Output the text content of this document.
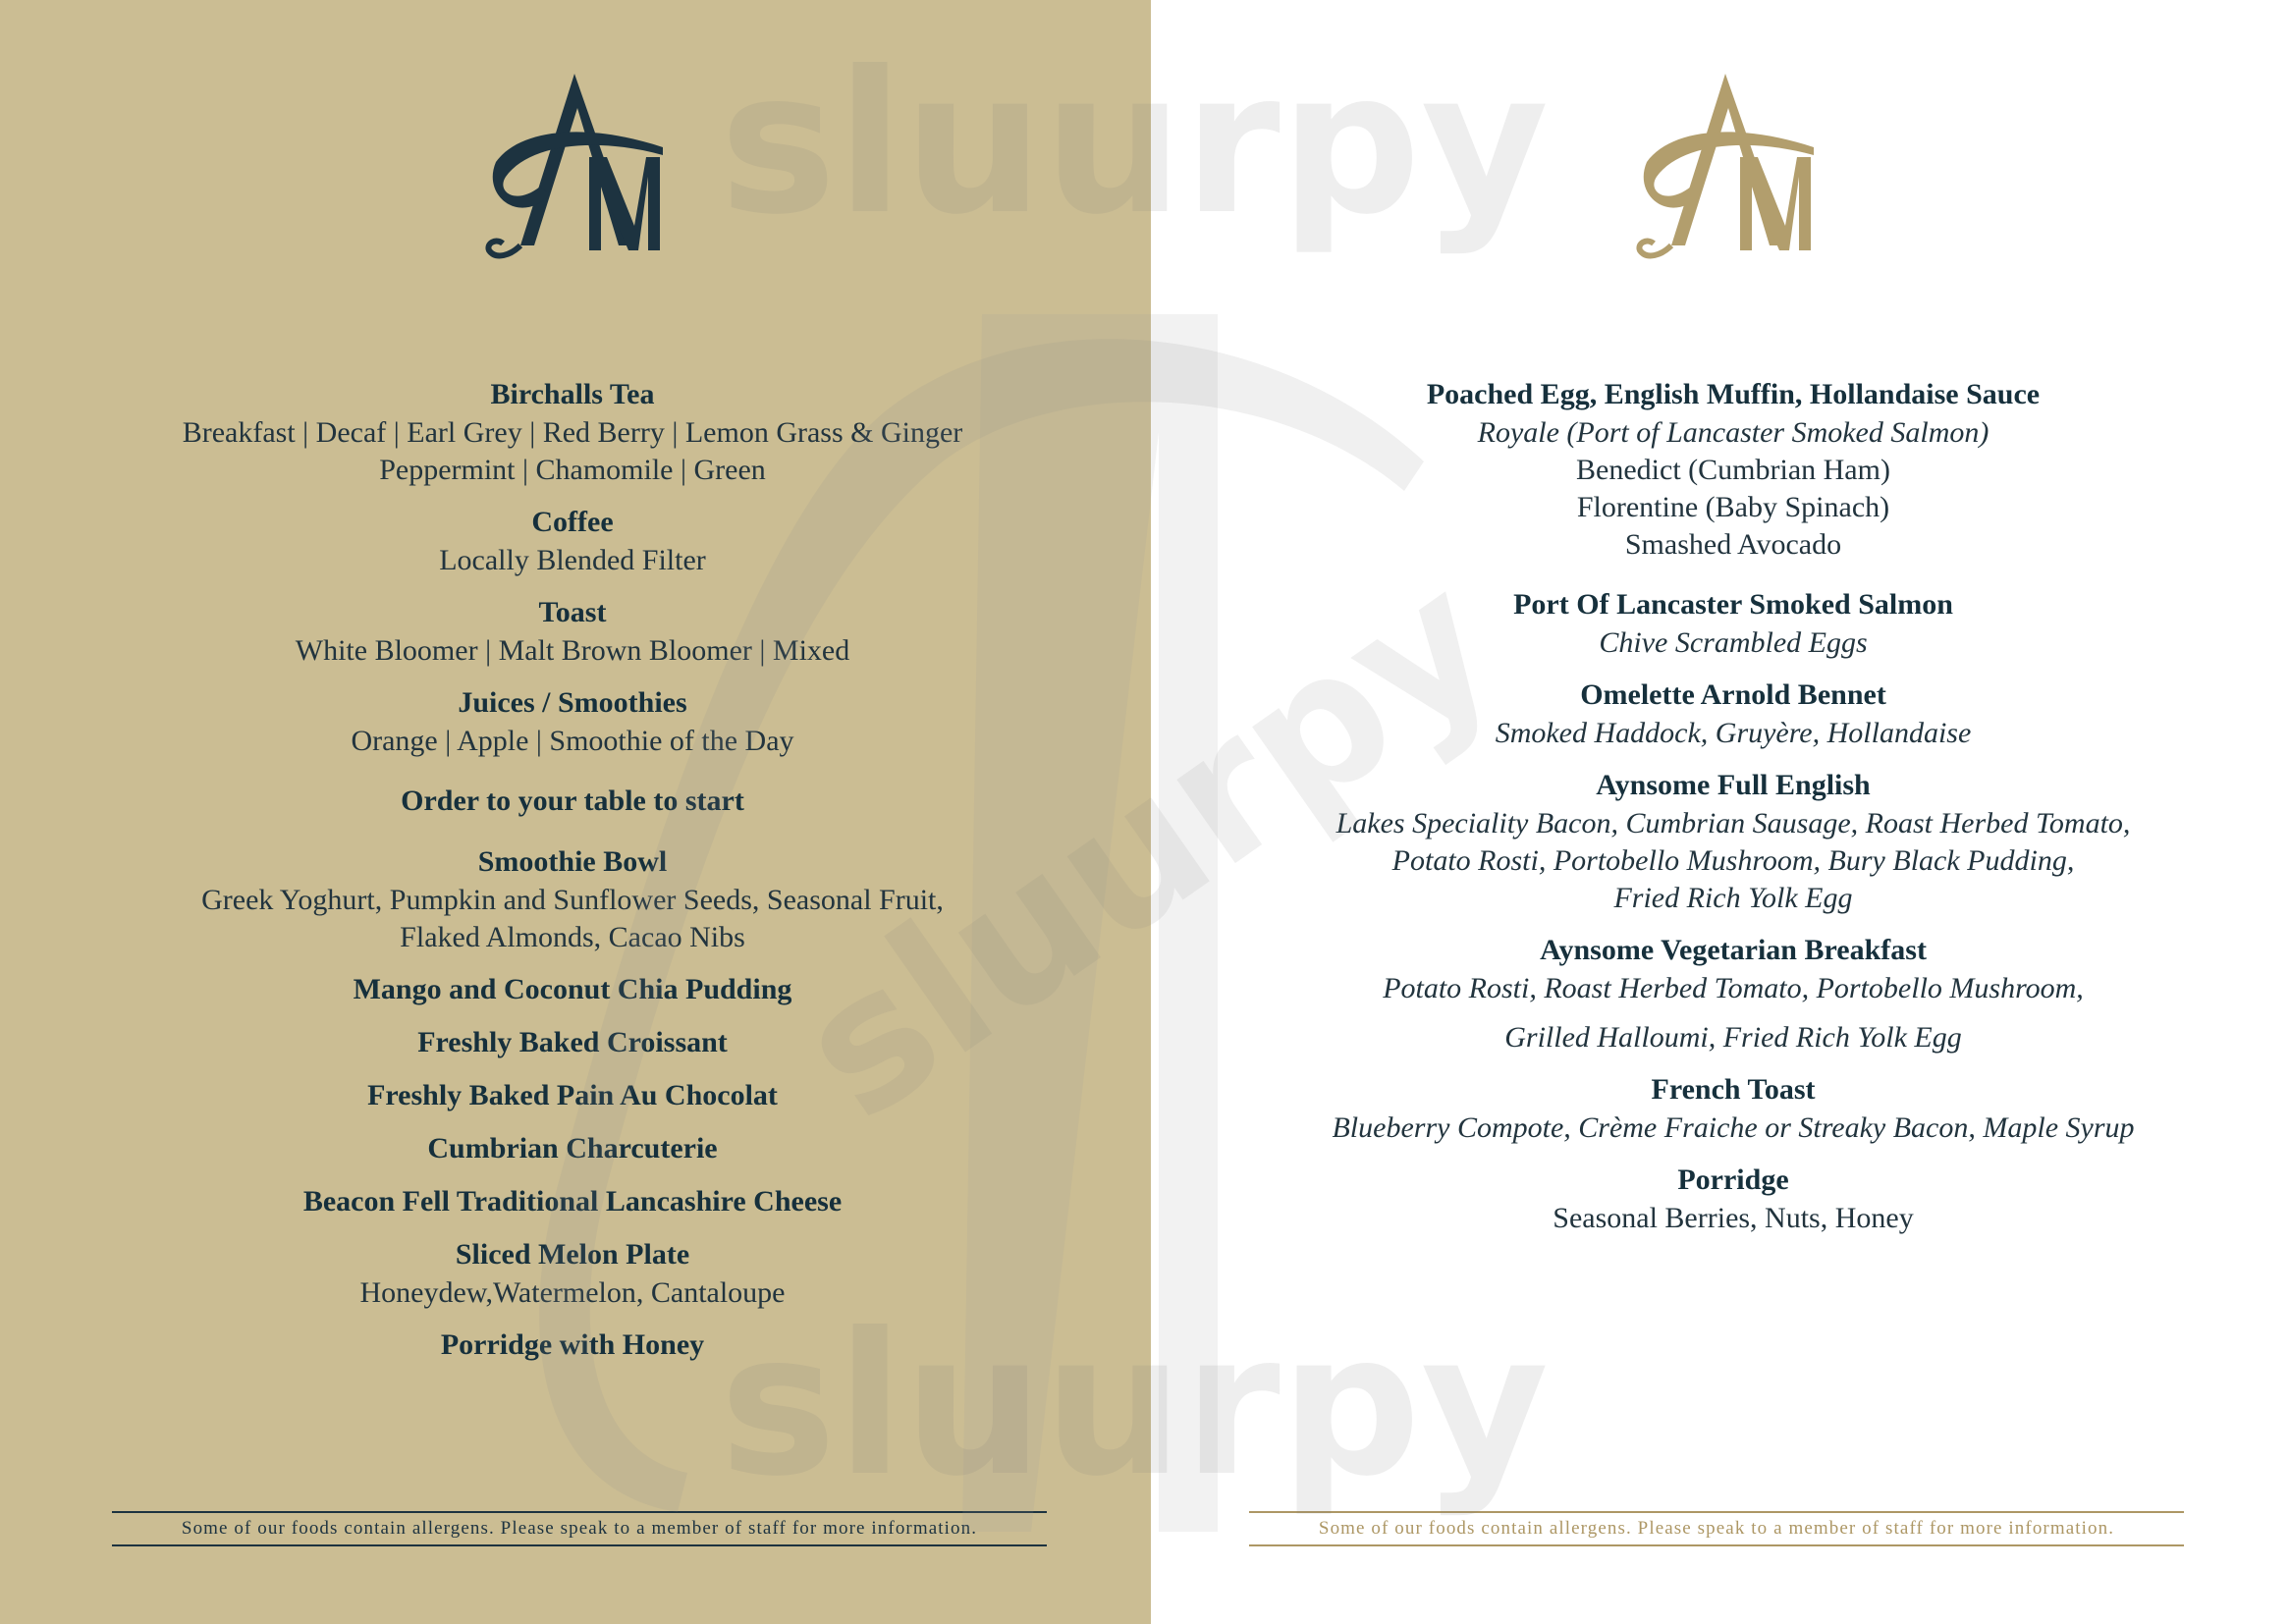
Birchalls Tea
Breakfast | Decaf | Earl Grey | Red Berry | Lemon Grass & Ginger
Peppermint | Chamomile | Green
Coffee
Locally Blended Filter
Toast
White Bloomer | Malt Brown Bloomer | Mixed
Juices / Smoothies
Orange | Apple | Smoothie of the Day
Order to your table to start
Smoothie Bowl
Greek Yoghurt, Pumpkin and Sunflower Seeds, Seasonal Fruit,
Flaked Almonds, Cacao Nibs
Mango and Coconut Chia Pudding
Freshly Baked Croissant
Freshly Baked Pain Au Chocolat
Cumbrian Charcuterie
Beacon Fell Traditional Lancashire Cheese
Sliced Melon Plate
Honeydew,Watermelon, Cantaloupe
Porridge with Honey
Some of our foods contain allergens. Please speak to a member of staff for more information.
Poached Egg, English Muffin, Hollandaise Sauce
Royale (Port of Lancaster Smoked Salmon)
Benedict (Cumbrian Ham)
Florentine (Baby Spinach)
Smashed Avocado
Port Of Lancaster Smoked Salmon
Chive Scrambled Eggs
Omelette Arnold Bennet
Smoked Haddock, Gruyère, Hollandaise
Aynsome Full English
Lakes Speciality Bacon, Cumbrian Sausage, Roast Herbed Tomato,
Potato Rosti, Portobello Mushroom, Bury Black Pudding,
Fried Rich Yolk Egg
Aynsome Vegetarian Breakfast
Potato Rosti, Roast Herbed Tomato, Portobello Mushroom,
Grilled Halloumi, Fried Rich Yolk Egg
French Toast
Blueberry Compote, Crème Fraiche or Streaky Bacon, Maple Syrup
Porridge
Seasonal Berries, Nuts, Honey
Some of our foods contain allergens. Please speak to a member of staff for more information.
